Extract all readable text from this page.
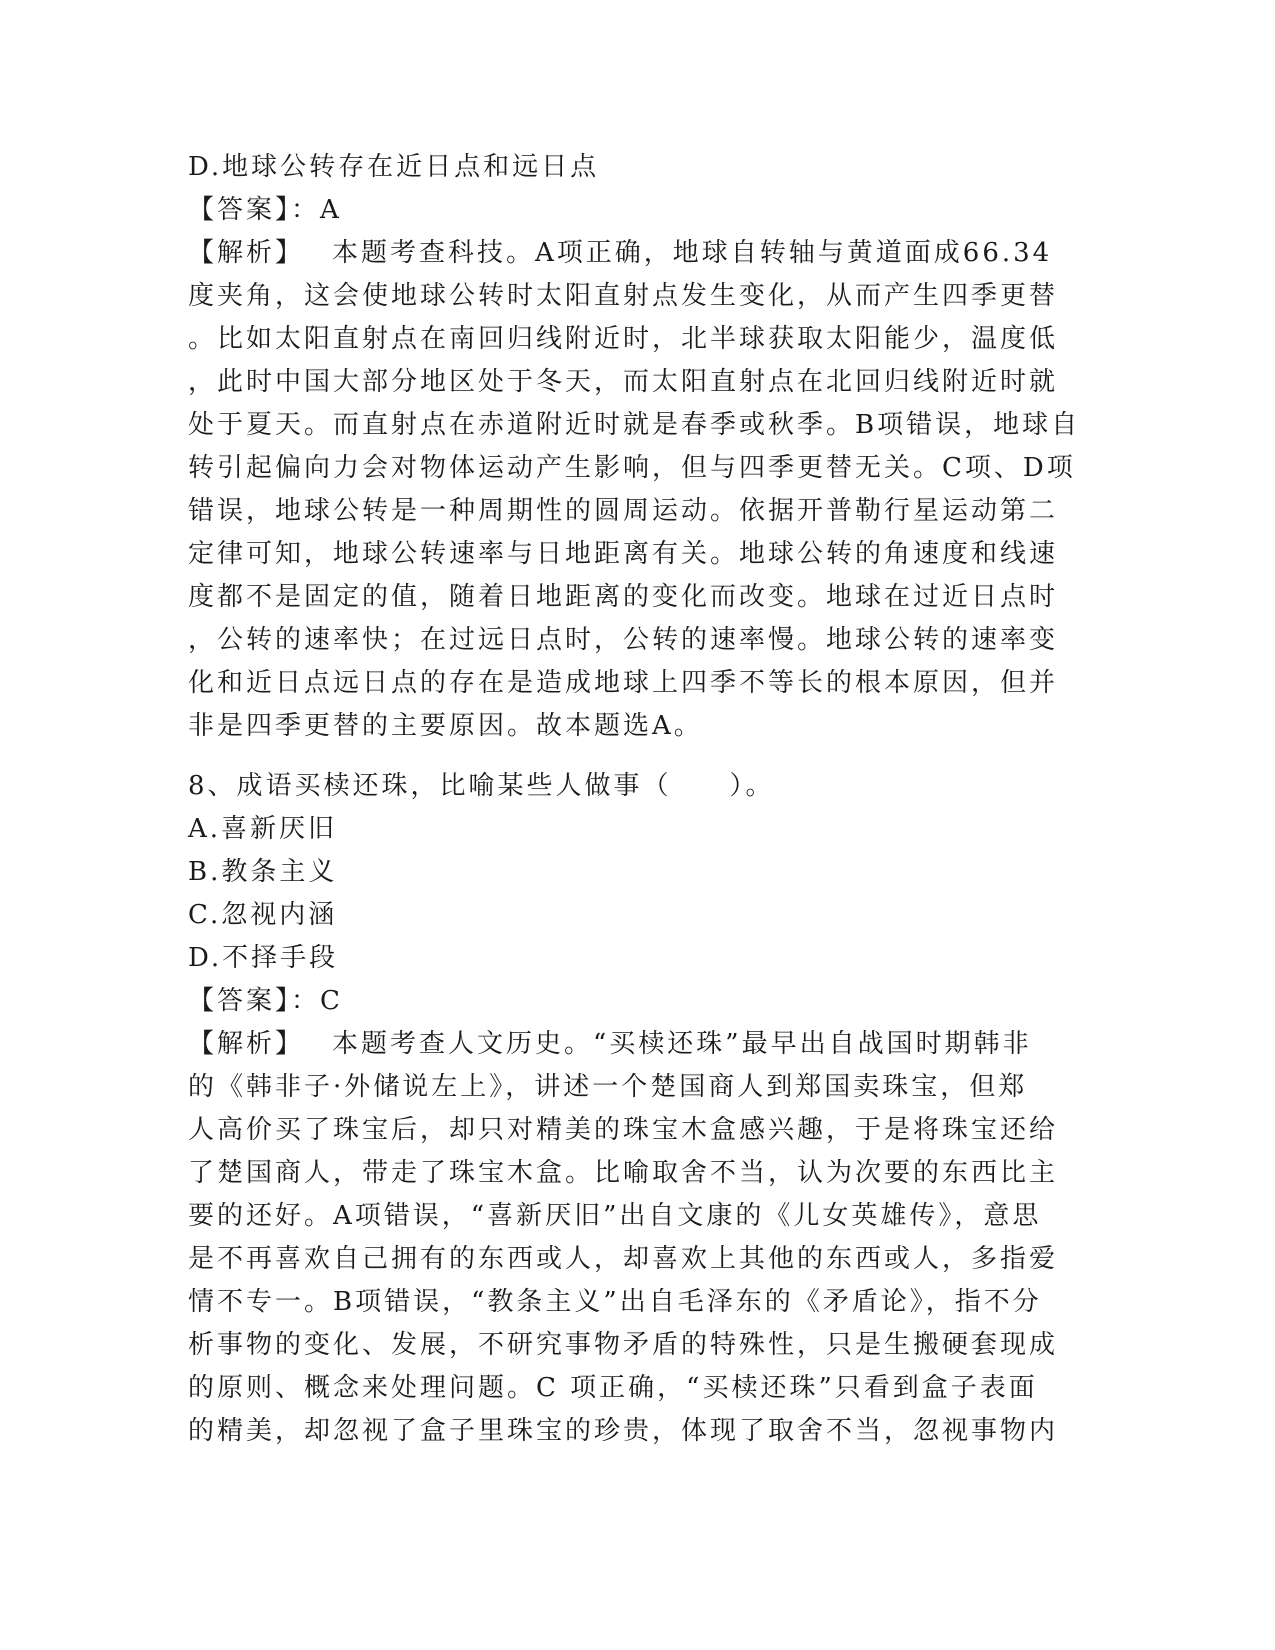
D.地球公转存在近日点和远日点
【答案】：A
【解析】 本题考查科技。A项正确，地球自转轴与黄道面成66.34
度夹角，这会使地球公转时太阳直射点发生变化，从而产生四季更替
。比如太阳直射点在南回归线附近时，北半球获取太阳能少，温度低
，此时中国大部分地区处于冬天，而太阳直射点在北回归线附近时就
处于夏天。而直射点在赤道附近时就是春季或秋季。B项错误，地球自
转引起偏向力会对物体运动产生影响，但与四季更替无关。C项、D项
错误，地球公转是一种周期性的圆周运动。依据开普勒行星运动第二
定律可知，地球公转速率与日地距离有关。地球公转的角速度和线速
度都不是固定的值，随着日地距离的变化而改变。地球在过近日点时
，公转的速率快；在过远日点时，公转的速率慢。地球公转的速率变
化和近日点远日点的存在是造成地球上四季不等长的根本原因，但并
非是四季更替的主要原因。故本题选A。
8、成语买椟还珠，比喻某些人做事（　　）。
A.喜新厌旧
B.教条主义
C.忽视内涵
D.不择手段
【答案】：C
【解析】 本题考查人文历史。“买椟还珠”最早出自战国时期韩非
的《韩非子·外储说左上》，讲述一个楚国商人到郑国卖珠宝，但郑
人高价买了珠宝后，却只对精美的珠宝木盒感兴趣，于是将珠宝还给
了楚国商人，带走了珠宝木盒。比喻取舍不当，认为次要的东西比主
要的还好。A项错误，“喜新厌旧”出自文康的《儿女英雄传》，意思
是不再喜欢自己拥有的东西或人，却喜欢上其他的东西或人，多指爱
情不专一。B项错误，“教条主义”出自毛泽东的《矛盾论》，指不分
析事物的变化、发展，不研究事物矛盾的特殊性，只是生搬硬套现成
的原则、概念来处理问题。C 项正确，“买椟还珠”只看到盒子表面
的精美，却忽视了盒子里珠宝的珍贵，体现了取舍不当，忽视事物内
